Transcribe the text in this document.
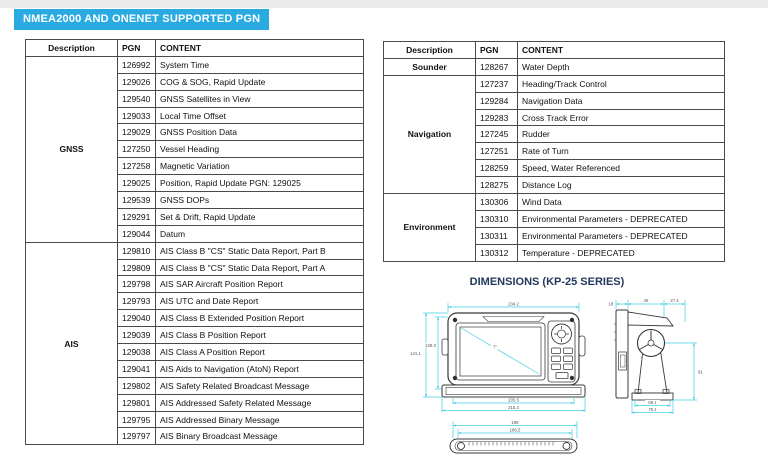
NMEA2000 AND ONENET SUPPORTED PGN
Description	PGN	CONTENT
GNSS	126992	System Time
	129026	COG & SOG, Rapid Update
	129540	GNSS Satellites in View
	129033	Local Time Offset
	129029	GNSS Position Data
	127250	Vessel Heading
	127258	Magnetic Variation
	129025	Position, Rapid Update PGN: 129025
	129539	GNSS DOPs
	129291	Set & Drift, Rapid Update
	129044	Datum
AIS	129810	AIS Class B "CS" Static Data Report, Part B
	129809	AIS Class B "CS" Static Data Report, Part A
	129798	AIS SAR Aircraft Position Report
	129793	AIS UTC and Date Report
	129040	AIS Class B Extended Position Report
	129039	AIS Class B Position Report
	129038	AIS Class A Position Report
	129041	AIS Aids to Navigation (AtoN) Report
	129802	AIS Safety Related Broadcast Message
	129801	AIS Addressed Safety Related Message
	129795	AIS Addressed Binary Message
	129797	AIS Binary Broadcast Message
Description	PGN	CONTENT
Sounder	128267	Water Depth
Navigation	127237	Heading/Track Control
	129284	Navigation Data
	129283	Cross Track Error
	127245	Rudder
	127251	Rate of Turn
	128259	Speed, Water Referenced
	128275	Distance Log
Environment	130306	Wind Data
	130310	Environmental Parameters - DEPRECATED
	130311	Environmental Parameters - DEPRECATED
	130312	Temperature - DEPRECATED
DIMENSIONS (KP-25 SERIES)
234.2
141.1
128.3	7"
205.5
215.3
198
186.5
18
46	27.4
91
69.1
75.1
